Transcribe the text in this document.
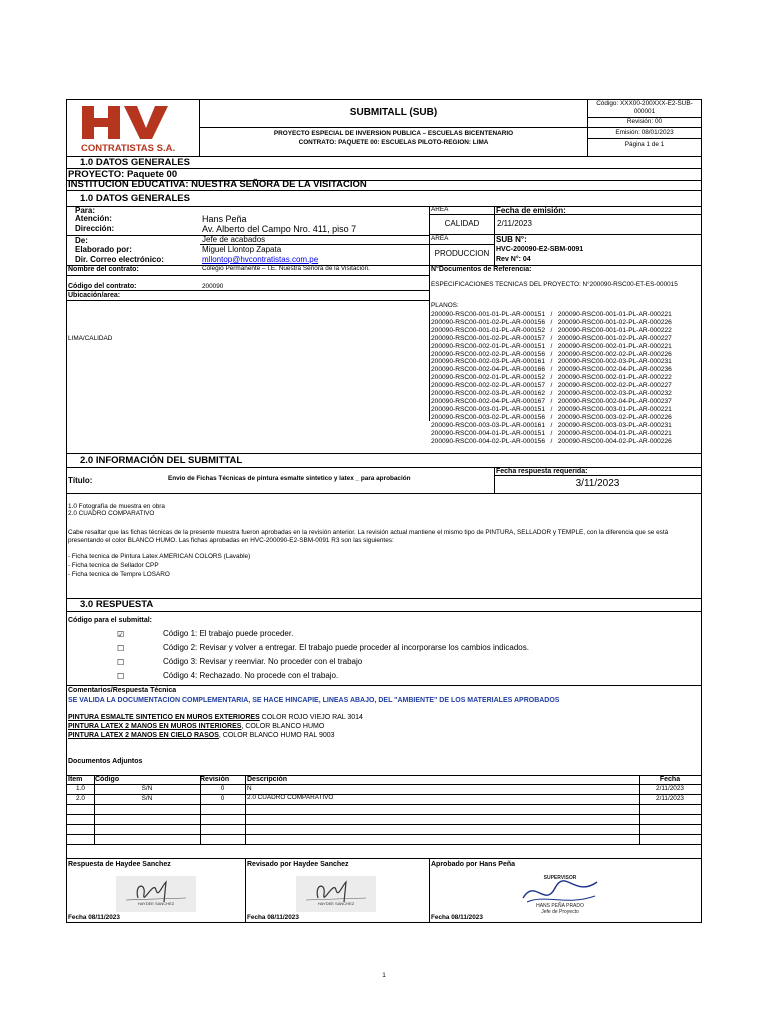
CONTRATISTAS S.A.
SUBMITALL (SUB)
PROYECTO ESPECIAL DE INVERSION PUBLICA – ESCUELAS BICENTENARIO
CONTRATO: PAQUETE 00: ESCUELAS PILOTO-REGION: LIMA
Código: XXX00-200XXX-E2-SUB-
000001
Revisión: 00
Emisión: 08/01/2023
Página 1 de 1
1.0 DATOS GENERALES
PROYECTO: Paquete 00
INSTITUCION EDUCATIVA: NUESTRA SEÑORA DE LA VISITACION
1.0 DATOS GENERALES
Para:
Atención:	Hans Peña
Dirección:	Av. Alberto del Campo Nro. 411, piso 7
De:	Jefe de acabados
Elaborado por:	Miguel Llontop Zapata
Dir. Correo electrónico:	mllontop@hvcontratistas.com.pe
AREA	Fecha de emisión:
CALIDAD	2/11/2023
AREA	SUB N°:
PRODUCCION HVC-200090-E2-SBM-0091
Rev N°: 04
Nombre del contrato:	Colegio Permanente – I.E. Nuestra Señora de la Visitación.	N°Documentos de Referencia:
Código del contrato:	200090	ESPECIFICACIONES TECNICAS DEL PROYECTO: N°200090-RSC00-ET-ES-000015
Ubicación/area:
LIMA/CALIDAD
PLANOS:
200090-RSC00-001-01-PL-AR-000151   /   200090-RSC00-001-01-PL-AR-000221
200090-RSC00-001-02-PL-AR-000156   /   200090-RSC00-001-02-PL-AR-000226
200090-RSC00-001-01-PL-AR-000152   /   200090-RSC00-001-01-PL-AR-000222
200090-RSC00-001-02-PL-AR-000157   /   200090-RSC00-001-02-PL-AR-000227
200090-RSC00-002-01-PL-AR-000151   /   200090-RSC00-002-01-PL-AR-000221
200090-RSC00-002-02-PL-AR-000156   /   200090-RSC00-002-02-PL-AR-000226
200090-RSC00-002-03-PL-AR-000161   /   200090-RSC00-002-03-PL-AR-000231
200090-RSC00-002-04-PL-AR-000166   /   200090-RSC00-002-04-PL-AR-000236
200090-RSC00-002-01-PL-AR-000152   /   200090-RSC00-002-01-PL-AR-000222
200090-RSC00-002-02-PL-AR-000157   /   200090-RSC00-002-02-PL-AR-000227
200090-RSC00-002-03-PL-AR-000162   /   200090-RSC00-002-03-PL-AR-000232
200090-RSC00-002-04-PL-AR-000167   /   200090-RSC00-002-04-PL-AR-000237
200090-RSC00-003-01-PL-AR-000151   /   200090-RSC00-003-01-PL-AR-000221
200090-RSC00-003-02-PL-AR-000156   /   200090-RSC00-003-02-PL-AR-000226
200090-RSC00-003-03-PL-AR-000161   /   200090-RSC00-003-03-PL-AR-000231
200090-RSC00-004-01-PL-AR-000151   /   200090-RSC00-004-01-PL-AR-000221
200090-RSC00-004-02-PL-AR-000156   /   200090-RSC00-004-02-PL-AR-000226
2.0 INFORMACIÓN DEL SUBMITTAL
Fecha respuesta requerida:
3/11/2023
Título:	Envio de Fichas Técnicas de pintura esmalte sintetico y latex _ para aprobación
1.0 Fotografía de muestra en obra
2.0 CUADRO COMPARATIVO
Cabe resaltar que las fichas técnicas de la presente muestra fueron aprobadas en la revisión anterior. La revisión actual mantiene el mismo tipo de PINTURA, SELLADOR y TEMPLE, con la diferencia que se está
presentando el color BLANCO HUMO. Las fichas aprobadas en HVC-200090-E2-SBM-0091 R3 son las siguientes:
- Ficha tecnica de Pintura Latex AMERICAN COLORS (Lavable)
- Ficha tecnica de Sellador CPP
- Ficha tecnica de Tempre LOSARO
3.0 RESPUESTA
Código para el submittal:
☑	Código 1: El trabajo puede proceder.
☐	Código 2: Revisar y volver a entregar. El trabajo puede proceder al incorporarse los cambios indicados.
☐	Código 3: Revisar y reenviar. No proceder con el trabajo
☐	Código 4: Rechazado. No procede con el trabajo.
Comentarios/Respuesta Técnica
SE VALIDA LA DOCUMENTACION COMPLEMENTARIA, SE HACE HINCAPIE, LINEAS ABAJO, DEL "AMBIENTE" DE LOS MATERIALES APROBADOS
PINTURA ESMALTE SINTETICO EN MUROS EXTERIORES COLOR ROJO VIEJO RAL 3014
PINTURA LATEX 2 MANOS EN MUROS INTERIORES, COLOR BLANCO HUMO
PINTURA LATEX 2 MANOS EN CIELO RASOS, COLOR BLANCO HUMO RAL 9003
Documentos Adjuntos
Item Código	Revisión	Descripción	Fecha
1.0	S/N	0	N	2/11/2023
2.0	S/N	0	2.0 CUADRO COMPARATIVO	2/11/2023
Respuesta de Haydee Sanchez	Revisado por Haydee Sanchez	Aprobado por Hans Peña
HAYDEE SANCHEZ	HAYDEE SANCHEZ
SUPERVISOR
HANS PEÑA PRADO
Jefe de Proyecto
Fecha 08/11/2023	Fecha 08/11/2023	Fecha 08/11/2023
1
